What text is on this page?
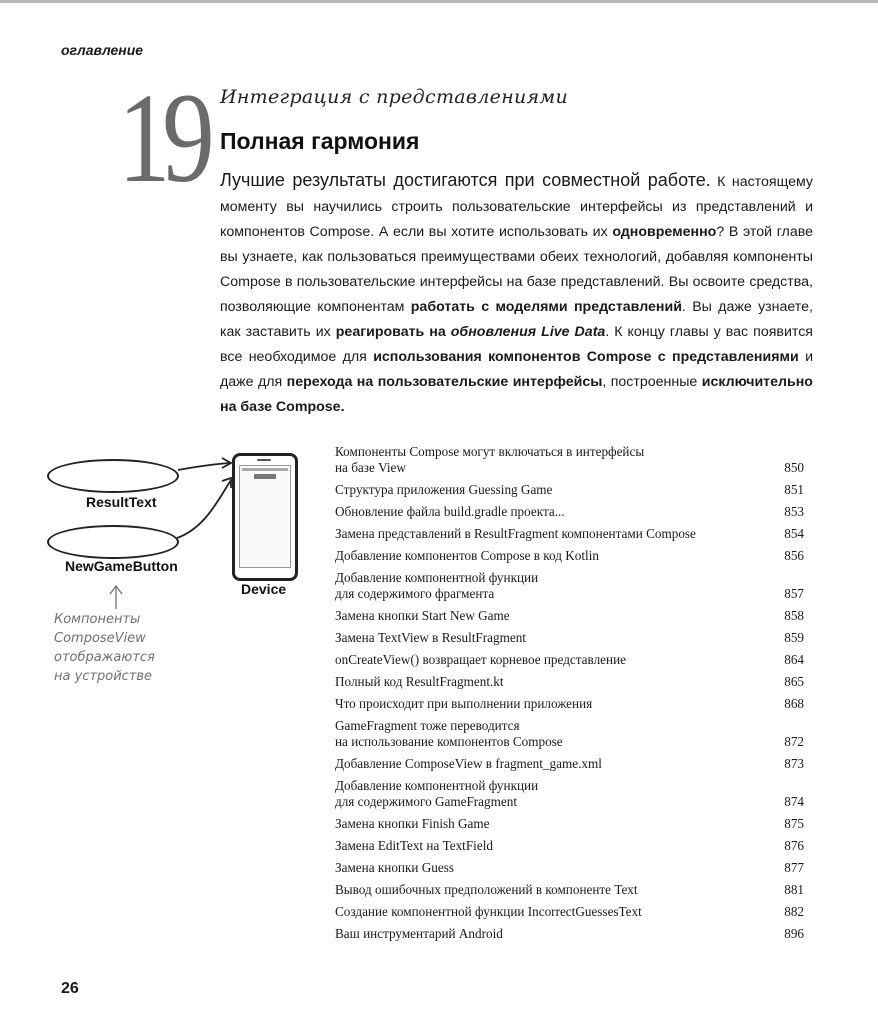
оглавление
19 Интеграция с представлениями
Полная гармония
Лучшие результаты достигаются при совместной работе. К настоящему моменту вы научились строить пользовательские интерфейсы из представлений и компонентов Compose. А если вы хотите использовать их одновременно? В этой главе вы узнаете, как пользоваться преимуществами обеих технологий, добавляя компоненты Compose в пользовательские интерфейсы на базе представлений. Вы освоите средства, позволяющие компонентам работать с моделями представлений. Вы даже узнаете, как заставить их реагировать на обновления Live Data. К концу главы у вас появится все необходимое для использования компонентов Compose с представлениями и даже для перехода на пользовательские интерфейсы, построенные исключительно на базе Compose.
ResultText
NewGameButton
Device
Компоненты
ComposeView
отображаются
на устройстве
Компоненты Compose могут включаться в интерфейсы
на базе View	850
Структура приложения Guessing Game	851
Обновление файла build.gradle проекта...	853
Замена представлений в ResultFragment компонентами Compose	854
Добавление компонентов Compose в код Kotlin	856
Добавление компонентной функции
для содержимого фрагмента	857
Замена кнопки Start New Game	858
Замена TextView в ResultFragment	859
onCreateView() возвращает корневое представление	864
Полный код ResultFragment.kt	865
Что происходит при выполнении приложения	868
GameFragment тоже переводится
на использование компонентов Compose	872
Добавление ComposeView в fragment_game.xml	873
Добавление компонентной функции
для содержимого GameFragment	874
Замена кнопки Finish Game	875
Замена EditText на TextField	876
Замена кнопки Guess	877
Вывод ошибочных предположений в компоненте Text	881
Создание компонентной функции IncorrectGuessesText	882
Ваш инструментарий Android	896
26
